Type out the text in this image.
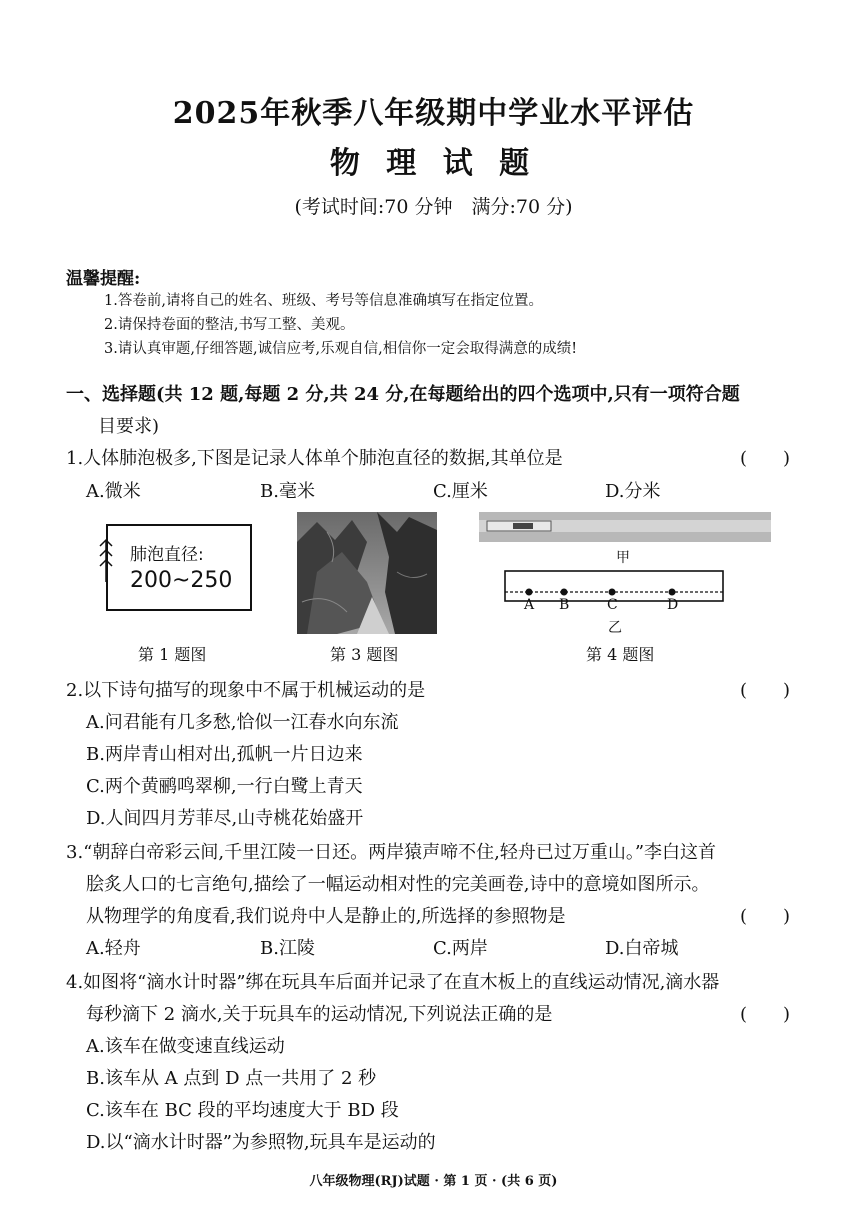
2025年秋季八年级期中学业水平评估
物 理 试 题
(考试时间:70 分钟　满分:70 分)
温馨提醒:
1.答卷前,请将自己的姓名、班级、考号等信息准确填写在指定位置。
2.请保持卷面的整洁,书写工整、美观。
3.请认真审题,仔细答题,诚信应考,乐观自信,相信你一定会取得满意的成绩!
一、选择题(共 12 题,每题 2 分,共 24 分,在每题给出的四个选项中,只有一项符合题
目要求)
1.人体肺泡极多,下图是记录人体单个肺泡直径的数据,其单位是	(　　)
A.微米	B.毫米	C.厘米	D.分米
肺泡直径:
200~250
第 1 题图	第 3 题图
甲
A B	C	D
乙
第 4 题图
2.以下诗句描写的现象中不属于机械运动的是	(　　)
A.问君能有几多愁,恰似一江春水向东流
B.两岸青山相对出,孤帆一片日边来
C.两个黄鹂鸣翠柳,一行白鹭上青天
D.人间四月芳菲尽,山寺桃花始盛开
3.“朝辞白帝彩云间,千里江陵一日还。两岸猿声啼不住,轻舟已过万重山。”李白这首
脍炙人口的七言绝句,描绘了一幅运动相对性的完美画卷,诗中的意境如图所示。
从物理学的角度看,我们说舟中人是静止的,所选择的参照物是	(　　)
A.轻舟	B.江陵	C.两岸	D.白帝城
4.如图将“滴水计时器”绑在玩具车后面并记录了在直木板上的直线运动情况,滴水器
每秒滴下 2 滴水,关于玩具车的运动情况,下列说法正确的是	(　　)
A.该车在做变速直线运动
B.该车从 A 点到 D 点一共用了 2 秒
C.该车在 BC 段的平均速度大于 BD 段
D.以“滴水计时器”为参照物,玩具车是运动的
八年级物理(RJ)试题 · 第 1 页 · (共 6 页)
